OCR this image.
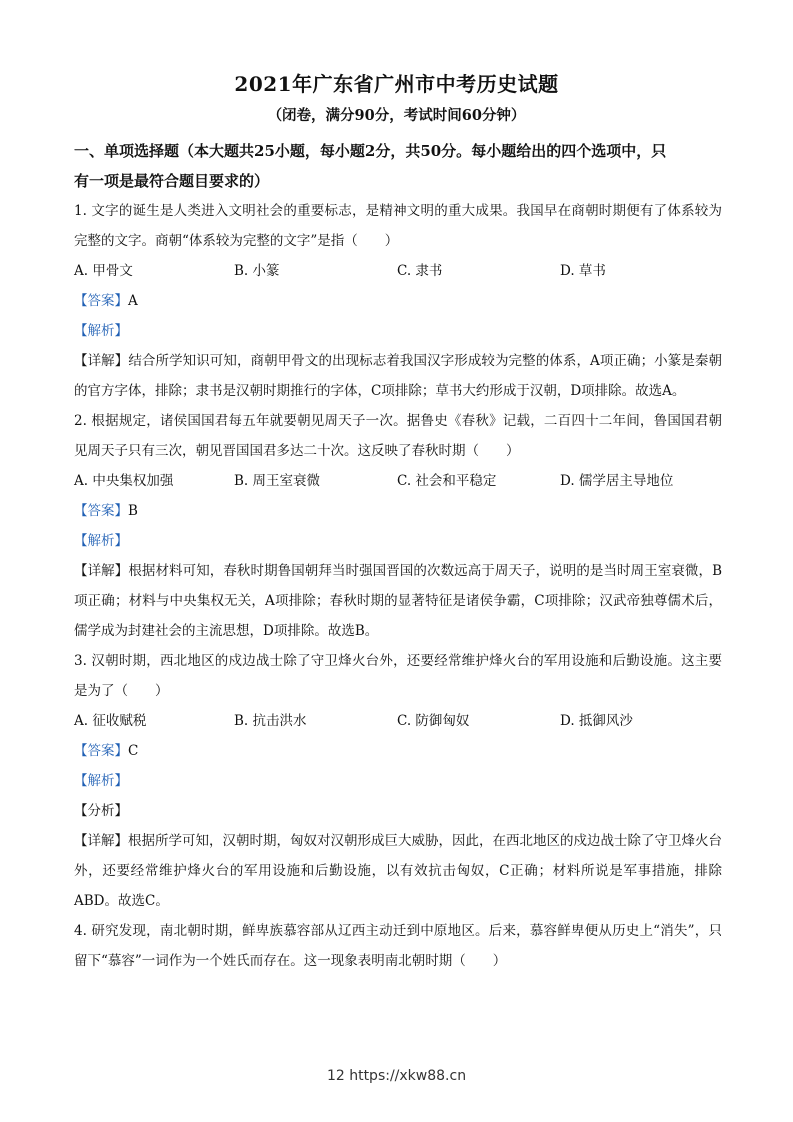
2021年广东省广州市中考历史试题
（闭卷，满分90分，考试时间60分钟）
一、单项选择题（本大题共25小题，每小题2分，共50分。每小题给出的四个选项中，只
有一项是最符合题目要求的）

1. 文字的诞生是人类进入文明社会的重要标志，是精神文明的重大成果。我国早在商朝时期便有了体系较为完整的文字。商朝“体系较为完整的文字”是指（　　）

A. 甲骨文	B. 小篆	C. 隶书	D. 草书
【答案】A
【解析】

【详解】结合所学知识可知，商朝甲骨文的出现标志着我国汉字形成较为完整的体系，A项正确；小篆是秦朝的官方字体，排除；隶书是汉朝时期推行的字体，C项排除；草书大约形成于汉朝，D项排除。故选A。

2. 根据规定，诸侯国国君每五年就要朝见周天子一次。据鲁史《春秋》记载，二百四十二年间，鲁国国君朝见周天子只有三次，朝见晋国国君多达二十次。这反映了春秋时期（　　）

A. 中央集权加强	B. 周王室衰微	C. 社会和平稳定	D. 儒学居主导地位
【答案】B
【解析】

【详解】根据材料可知，春秋时期鲁国朝拜当时强国晋国的次数远高于周天子，说明的是当时周王室衰微，B项正确；材料与中央集权无关，A项排除；春秋时期的显著特征是诸侯争霸，C项排除；汉武帝独尊儒术后，儒学成为封建社会的主流思想，D项排除。故选B。

3. 汉朝时期，西北地区的戍边战士除了守卫烽火台外，还要经常维护烽火台的军用设施和后勤设施。这主要是为了（　　）

A. 征收赋税	B. 抗击洪水	C. 防御匈奴	D. 抵御风沙
【答案】C
【解析】
【分析】

【详解】根据所学可知，汉朝时期，匈奴对汉朝形成巨大威胁，因此，在西北地区的戍边战士除了守卫烽火台外，还要经常维护烽火台的军用设施和后勤设施，以有效抗击匈奴，C正确；材料所说是军事措施，排除ABD。故选C。

4. 研究发现，南北朝时期，鲜卑族慕容部从辽西主动迁到中原地区。后来，慕容鲜卑便从历史上“消失”，只留下“慕容”一词作为一个姓氏而存在。这一现象表明南北朝时期（　　）

12 https://xkw88.cn
